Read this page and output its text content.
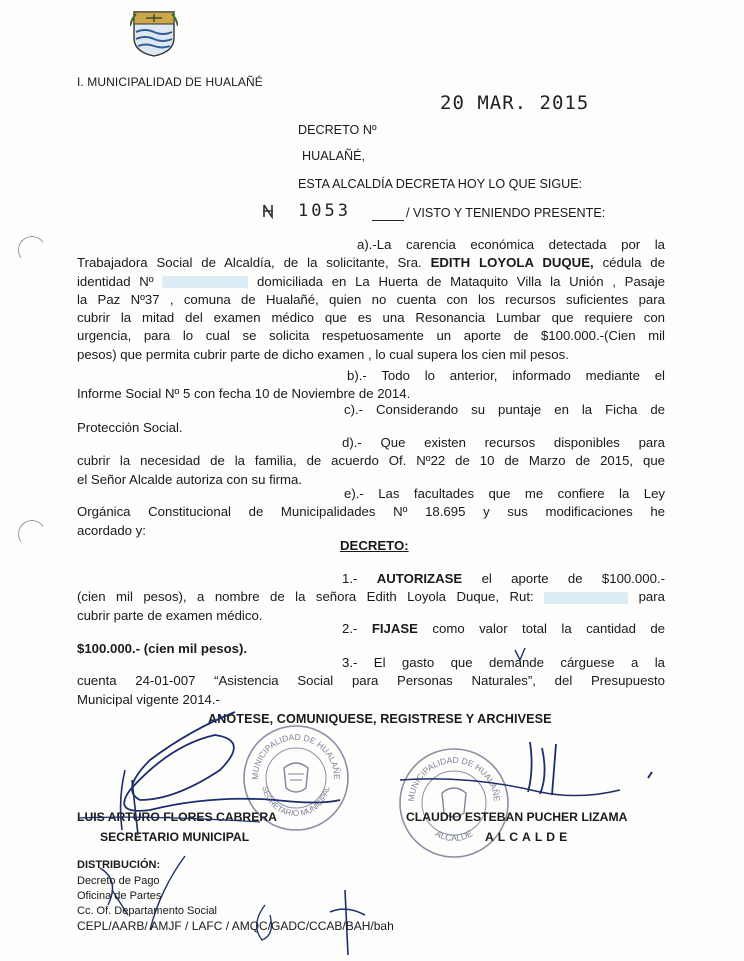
I. MUNICIPALIDAD DE HUALAÑÉ
20 MAR. 2015
DECRETO Nº
HUALAÑÉ,
ESTA ALCALDÍA DECRETA HOY LO QUE SIGUE:
1053	/ VISTO Y TENIENDO PRESENTE:
a).-La carencia económica detectada por la
Trabajadora Social de Alcaldía, de la solicitante, Sra. EDITH LOYOLA DUQUE, cédula de
identidad Nº	domiciliada en La Huerta de Mataquito Villa la Unión , Pasaje
la Paz Nº37 , comuna de Hualañé, quien no cuenta con los recursos suficientes para
cubrir la mitad del examen médico que es una Resonancia Lumbar que requiere con
urgencia, para lo cual se solicita respetuosamente un aporte de $100.000.-(Cien mil
pesos) que permita cubrir parte de dicho examen , lo cual supera los cien mil pesos.
b).- Todo lo anterior, informado mediante el
Informe Social Nº 5 con fecha 10 de Noviembre de 2014.
c).- Considerando su puntaje en la Ficha de
Protección Social.
d).- Que existen recursos disponibles para
cubrir la necesidad de la familia, de acuerdo Of. Nº22 de 10 de Marzo de 2015, que
el Señor Alcalde autoriza con su firma.
e).- Las facultades que me confiere la Ley
Orgánica Constitucional de Municipalidades Nº 18.695 y sus modificaciones he
acordado y:
DECRETO:
1.- AUTORIZASE el aporte de $100.000.-
(cien mil pesos), a nombre de la señora Edith Loyola Duque, Rut:	para
cubrir parte de examen médico.
2.- FIJASE como valor total la cantidad de
$100.000.- (cien mil pesos).
3.- El gasto que demande cárguese a la
cuenta 24-01-007 “Asistencia Social para Personas Naturales”, del Presupuesto
Municipal vigente 2014.-
ANOTESE, COMUNIQUESE, REGISTRESE Y ARCHIVESE
MUNICIPALIDAD DE HUALAÑE
SECRETARIO MUNICIPAL
MUNICIPALIDAD DE HUALAÑE
ALCALDE
LUIS ARTURO FLORES CABRERA
SECRETARIO MUNICIPAL
CLAUDIO ESTEBAN PUCHER LIZAMA
ALCALDE
DISTRIBUCIÓN:
Decreto de Pago
Oficina de Partes
Cc. Of. Departamento Social
CEPL/AARB/ AMJF / LAFC / AMQC/GADC/CCAB/BAH/bah
